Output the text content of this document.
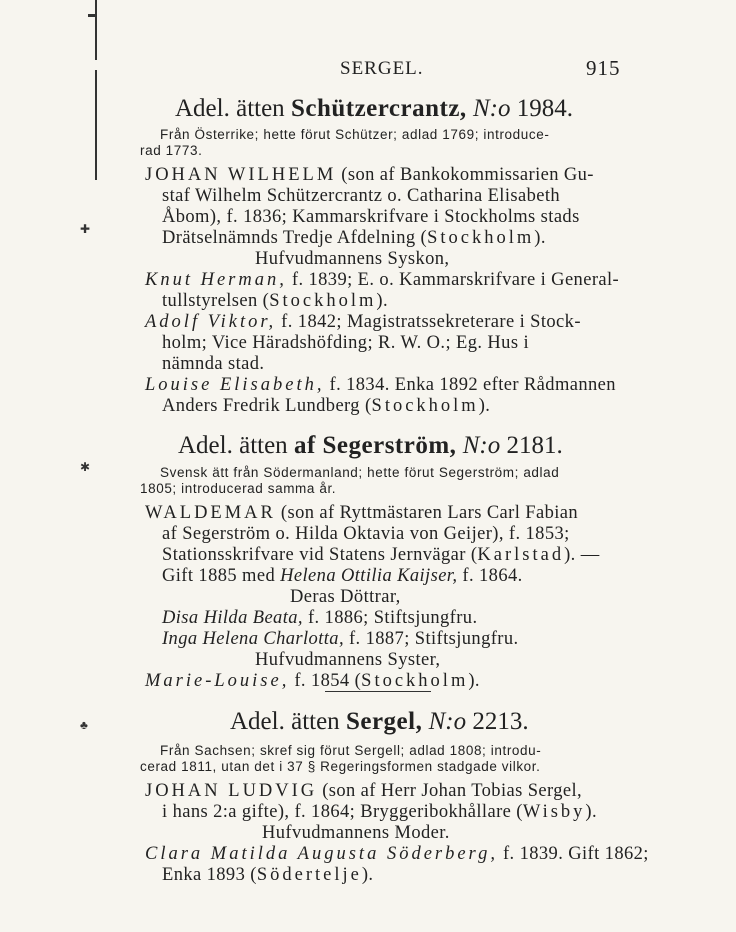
✚
✱
♣
SERGEL.	915
Adel. ätten Schützercrantz, N:o 1984.
Från Österrike; hette förut Schützer; adlad 1769; introduce-
rad 1773.
JOHAN WILHELM (son af Bankokommissarien Gu-
staf Wilhelm Schützercrantz o. Catharina Elisabeth
Åbom), f. 1836; Kammarskrifvare i Stockholms stads
Drätselnämnds Tredje Afdelning (Stockholm).
Hufvudmannens Syskon,
Knut Herman, f. 1839; E. o. Kammarskrifvare i General-
tullstyrelsen (Stockholm).
Adolf Viktor, f. 1842; Magistratssekreterare i Stock-
holm; Vice Häradshöfding; R. W. O.; Eg. Hus i
nämnda stad.
Louise Elisabeth, f. 1834. Enka 1892 efter Rådmannen
Anders Fredrik Lundberg (Stockholm).
Adel. ätten af Segerström, N:o 2181.
Svensk ätt från Södermanland; hette förut Segerström; adlad
1805; introducerad samma år.
WALDEMAR (son af Ryttmästaren Lars Carl Fabian
af Segerström o. Hilda Oktavia von Geijer), f. 1853;
Stationsskrifvare vid Statens Jernvägar (Karlstad). —
Gift 1885 med Helena Ottilia Kaijser, f. 1864.
Deras Döttrar,
Disa Hilda Beata, f. 1886; Stiftsjungfru.
Inga Helena Charlotta, f. 1887; Stiftsjungfru.
Hufvudmannens Syster,
Marie-Louise, f. 1854 (Stockholm).
Adel. ätten Sergel, N:o 2213.
Från Sachsen; skref sig förut Sergell; adlad 1808; introdu-
cerad 1811, utan det i 37 § Regeringsformen stadgade vilkor.
JOHAN LUDVIG (son af Herr Johan Tobias Sergel,
i hans 2:a gifte), f. 1864; Bryggeribokhållare (Wisby).
Hufvudmannens Moder.
Clara Matilda Augusta Söderberg, f. 1839. Gift 1862;
Enka 1893 (Södertelje).
